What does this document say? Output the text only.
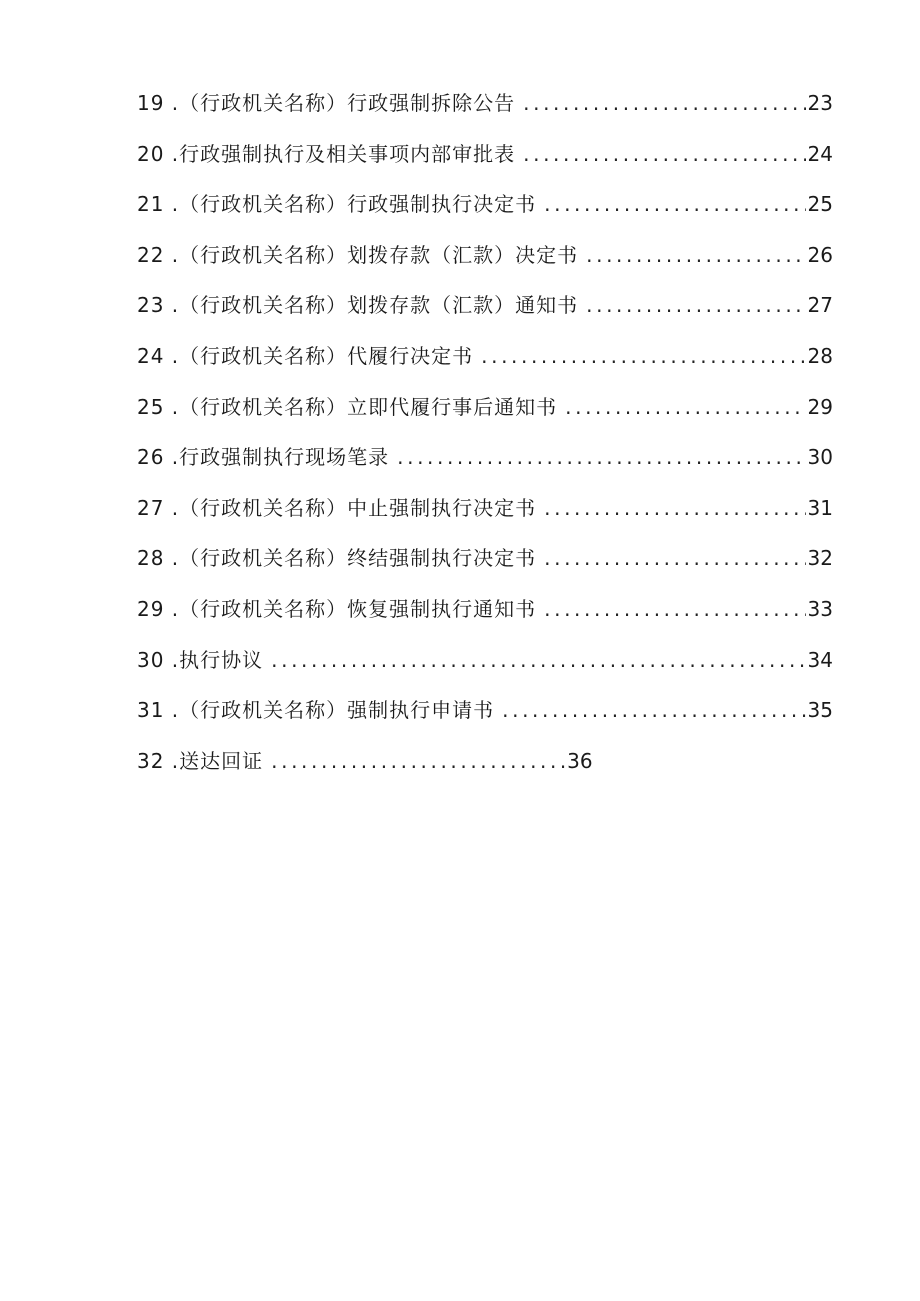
19 . （行政机关名称）行政强制拆除公告 .....	23
20 . 行政强制执行及相关事项内部审批表 .....	24
21 . （行政机关名称）行政强制执行决定书 .....	25
22 . （行政机关名称）划拨存款（汇款）决定书 .....	26
23 . （行政机关名称）划拨存款（汇款）通知书 .....	27
24 . （行政机关名称）代履行决定书 .....	28
25 . （行政机关名称）立即代履行事后通知书 .....	29
26 . 行政强制执行现场笔录 .....	30
27 . （行政机关名称）中止强制执行决定书 .....	31
28 . （行政机关名称）终结强制执行决定书 .....	32
29 . （行政机关名称）恢复强制执行通知书 .....	33
30 . 执行协议 .....	34
31 . （行政机关名称）强制执行申请书 .....	35
32 . 送达回证 .....	36
